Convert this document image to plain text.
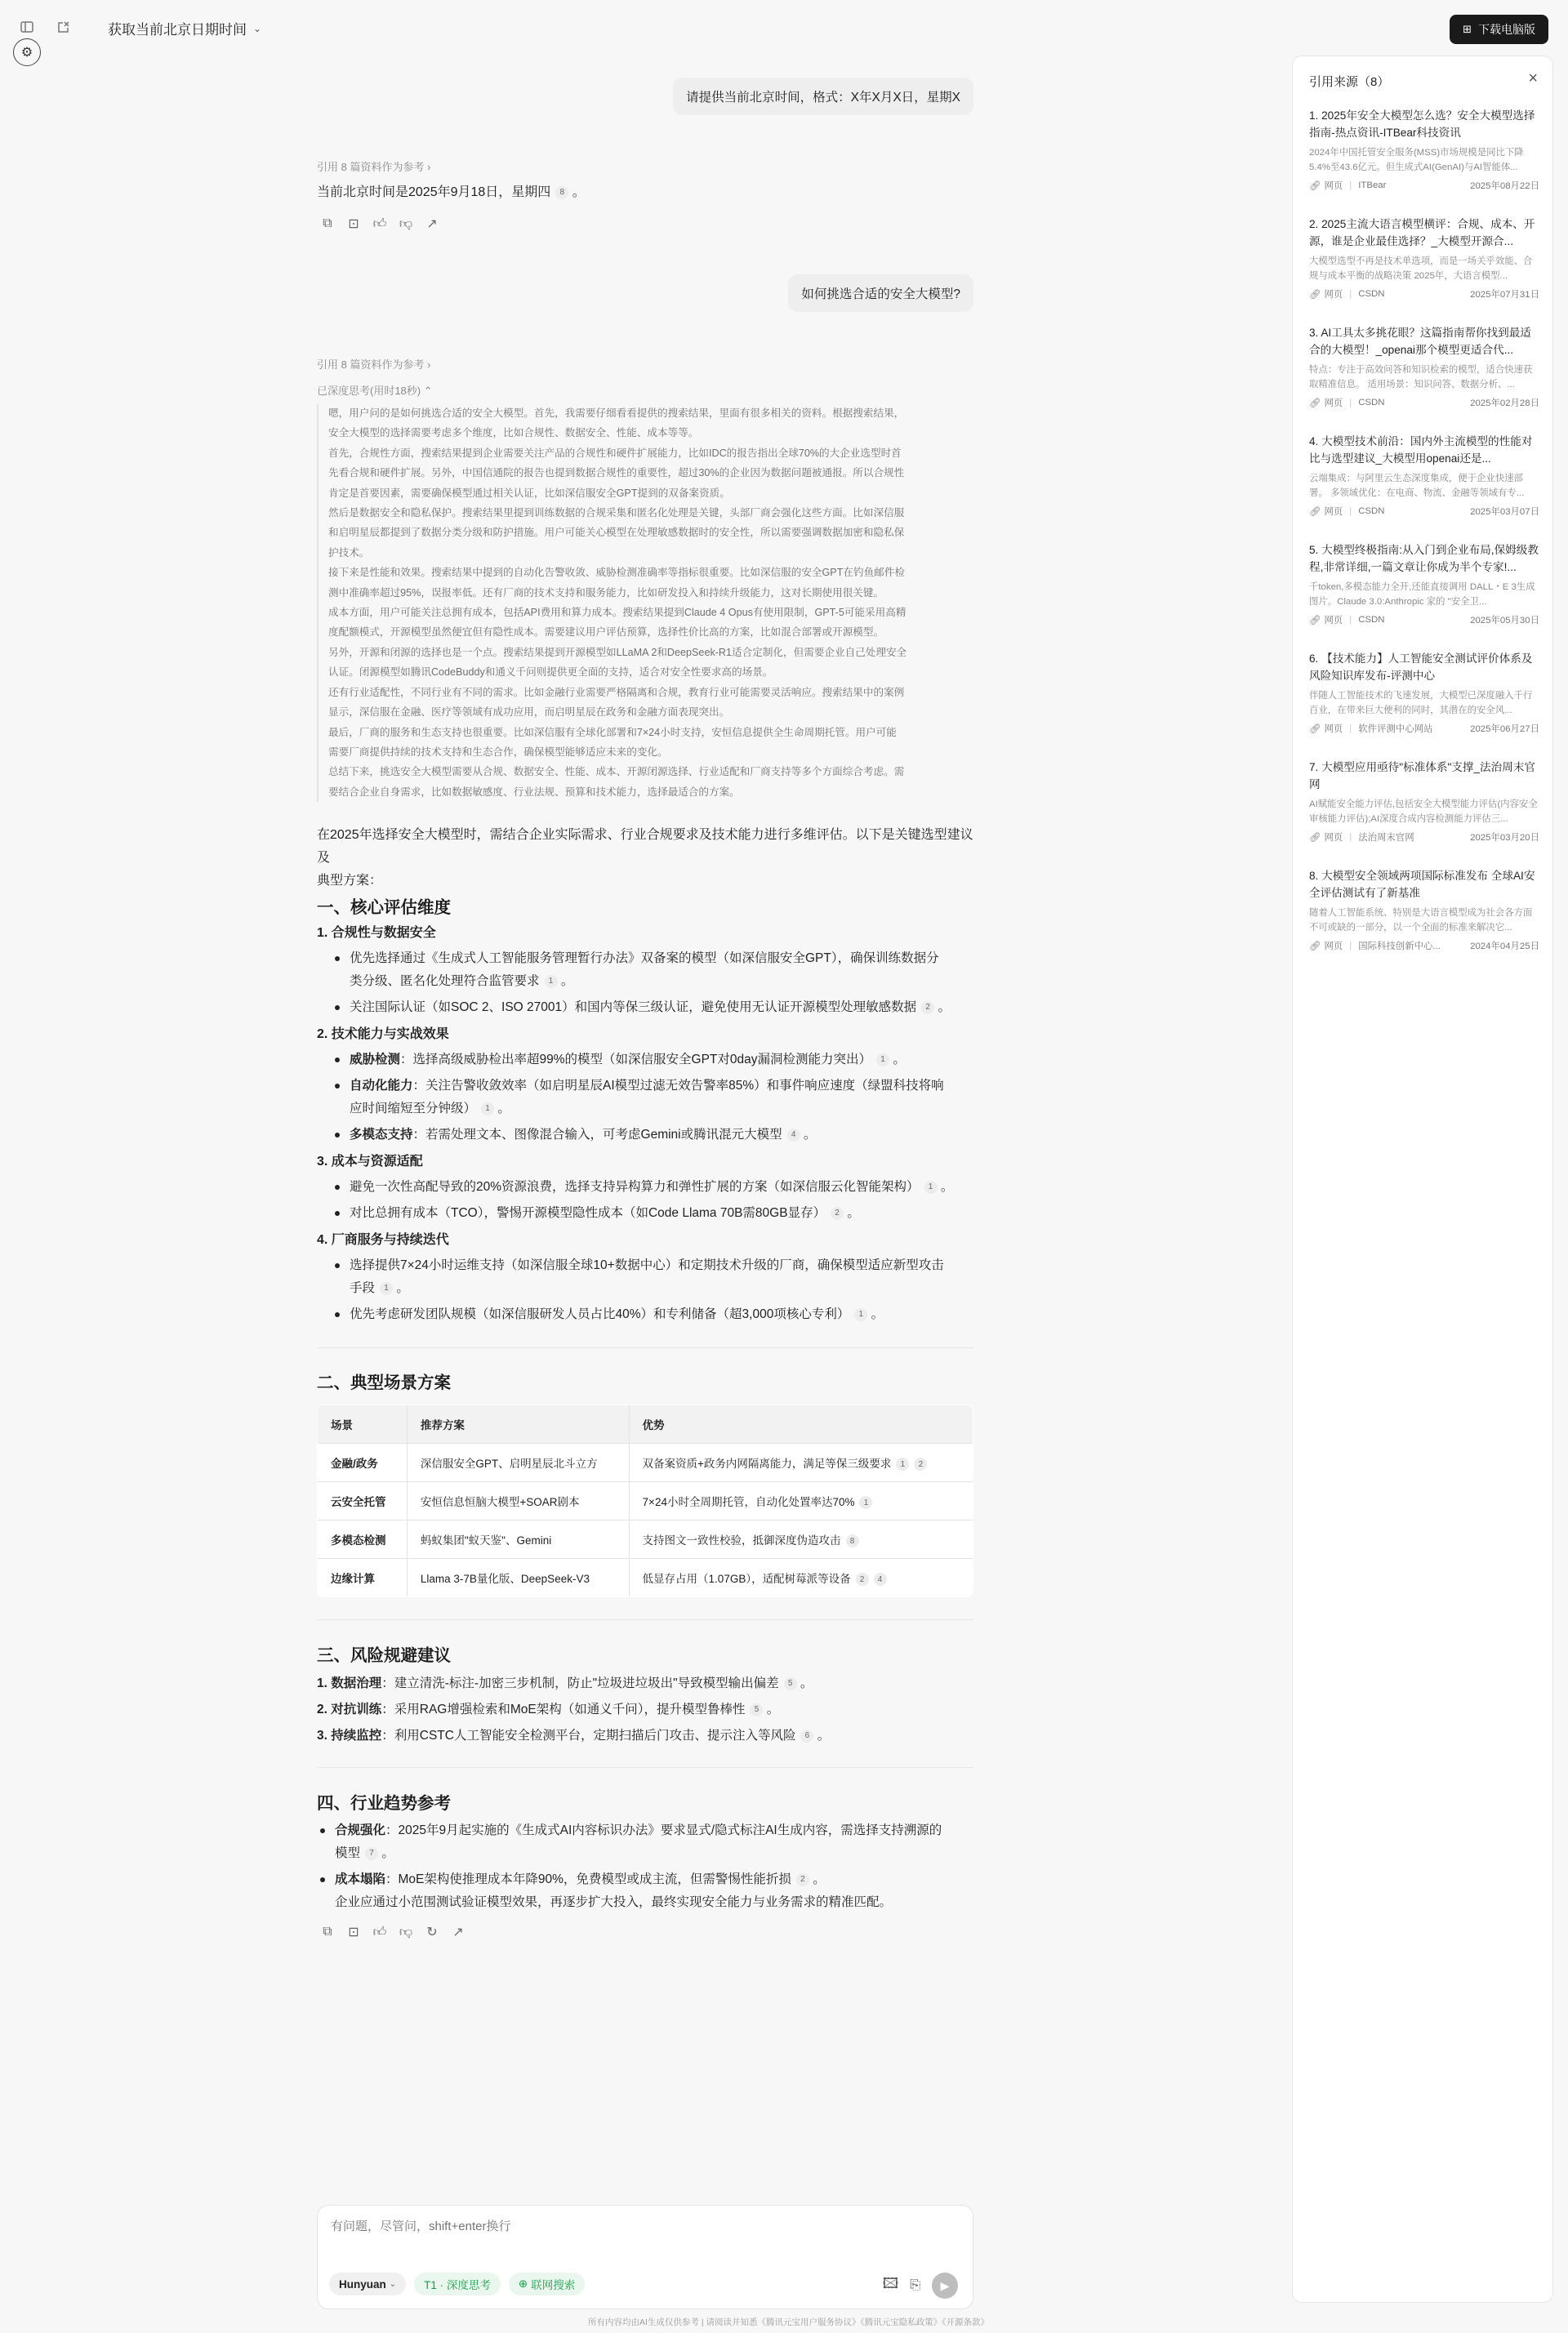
⚙
获取当前北京日期时间 ⌄	⊞ 下载电脑版
请提供当前北京时间，格式：X年X月X日，星期X
引用 8 篇资料作为参考 ›
当前北京时间是2025年9月18日，星期四 8 。
⧉ ⊡ 👍︎ 👎︎ ↗
如何挑选合适的安全大模型?
引用 8 篇资料作为参考 ›
已深度思考(用时18秒) ⌃
嗯，用户问的是如何挑选合适的安全大模型。首先，我需要仔细看看提供的搜索结果，里面有很多相关的资料。根据搜索结果，
安全大模型的选择需要考虑多个维度，比如合规性、数据安全、性能、成本等等。
首先，合规性方面，搜索结果提到企业需要关注产品的合规性和硬件扩展能力，比如IDC的报告指出全球70%的大企业选型时首
先看合规和硬件扩展。另外，中国信通院的报告也提到数据合规性的重要性，超过30%的企业因为数据问题被通报。所以合规性
肯定是首要因素，需要确保模型通过相关认证，比如深信服安全GPT提到的双备案资质。
然后是数据安全和隐私保护。搜索结果里提到训练数据的合规采集和匿名化处理是关键，头部厂商会强化这些方面。比如深信服
和启明星辰都提到了数据分类分级和防护措施。用户可能关心模型在处理敏感数据时的安全性，所以需要强调数据加密和隐私保
护技术。
接下来是性能和效果。搜索结果中提到的自动化告警收敛、威胁检测准确率等指标很重要。比如深信服的安全GPT在钓鱼邮件检
测中准确率超过95%，误报率低。还有厂商的技术支持和服务能力，比如研发投入和持续升级能力，这对长期使用很关键。
成本方面，用户可能关注总拥有成本，包括API费用和算力成本。搜索结果提到Claude 4 Opus有使用限制，GPT-5可能采用高精
度配额模式，开源模型虽然便宜但有隐性成本。需要建议用户评估预算，选择性价比高的方案，比如混合部署或开源模型。
另外，开源和闭源的选择也是一个点。搜索结果提到开源模型如LLaMA 2和DeepSeek-R1适合定制化，但需要企业自己处理安全
认证。闭源模型如腾讯CodeBuddy和通义千问则提供更全面的支持，适合对安全性要求高的场景。
还有行业适配性，不同行业有不同的需求。比如金融行业需要严格隔离和合规，教育行业可能需要灵活响应。搜索结果中的案例
显示，深信服在金融、医疗等领域有成功应用，而启明星辰在政务和金融方面表现突出。
最后，厂商的服务和生态支持也很重要。比如深信服有全球化部署和7×24小时支持，安恒信息提供全生命周期托管。用户可能
需要厂商提供持续的技术支持和生态合作，确保模型能够适应未来的变化。
总结下来，挑选安全大模型需要从合规、数据安全、性能、成本、开源闭源选择、行业适配和厂商支持等多个方面综合考虑。需
要结合企业自身需求，比如数据敏感度、行业法规、预算和技术能力，选择最适合的方案。
在2025年选择安全大模型时，需结合企业实际需求、行业合规要求及技术能力进行多维评估。以下是关键选型建议及
典型方案：
一、核心评估维度
1. 合规性与数据安全
优先选择通过《生成式人工智能服务管理暂行办法》双备案的模型（如深信服安全GPT），确保训练数据分
类分级、匿名化处理符合监管要求 1 。
关注国际认证（如SOC 2、ISO 27001）和国内等保三级认证，避免使用无认证开源模型处理敏感数据 2 。
2. 技术能力与实战效果
威胁检测：选择高级威胁检出率超99%的模型（如深信服安全GPT对0day漏洞检测能力突出） 1 。
自动化能力：关注告警收敛效率（如启明星辰AI模型过滤无效告警率85%）和事件响应速度（绿盟科技将响
应时间缩短至分钟级） 1 。
多模态支持：若需处理文本、图像混合输入，可考虑Gemini或腾讯混元大模型 4 。
3. 成本与资源适配
避免一次性高配导致的20%资源浪费，选择支持异构算力和弹性扩展的方案（如深信服云化智能架构） 1 。
对比总拥有成本（TCO），警惕开源模型隐性成本（如Code Llama 70B需80GB显存） 2 。
4. 厂商服务与持续迭代
选择提供7×24小时运维支持（如深信服全球10+数据中心）和定期技术升级的厂商，确保模型适应新型攻击
手段 1 。
优先考虑研发团队规模（如深信服研发人员占比40%）和专利储备（超3,000项核心专利） 1 。
二、典型场景方案
场景	推荐方案	优势
金融/政务	深信服安全GPT、启明星辰北斗立方	双备案资质+政务内网隔离能力，满足等保三级要求 1 2
云安全托管	安恒信息恒脑大模型+SOAR剧本	7×24小时全周期托管，自动化处置率达70% 1
多模态检测	蚂蚁集团"蚁天鉴"、Gemini	支持图文一致性校验，抵御深度伪造攻击 8
边缘计算	Llama 3-7B量化版、DeepSeek-V3	低显存占用（1.07GB），适配树莓派等设备 2 4
三、风险规避建议
1. 数据治理：建立清洗-标注-加密三步机制，防止"垃圾进垃圾出"导致模型输出偏差 5 。
2. 对抗训练：采用RAG增强检索和MoE架构（如通义千问），提升模型鲁棒性 5 。
3. 持续监控：利用CSTC人工智能安全检测平台，定期扫描后门攻击、提示注入等风险 6 。
四、行业趋势参考
合规强化：2025年9月起实施的《生成式AI内容标识办法》要求显式/隐式标注AI生成内容，需选择支持溯源的
模型 7 。
成本塌陷：MoE架构使推理成本年降90%，免费模型或成主流，但需警惕性能折损 2 。
企业应通过小范围测试验证模型效果，再逐步扩大投入，最终实现安全能力与业务需求的精准匹配。
⧉ ⊡ 👍︎ 👎︎ ↻ ↗
有问题，尽管问，shift+enter换行
Hunyuan ⌄	T1 · 深度思考	⊕ 联网搜索	🖾 ⎘	▶
所有内容均由AI生成仅供参考 | 请阅读并知悉《腾讯元宝用户服务协议》《腾讯元宝隐私政策》《开源条款》
引用来源（8）	×
1. 2025年安全大模型怎么选？安全大模型选择指南-热点资讯-ITBear科技资讯
2024年中国托管安全服务(MSS)市场规模是同比下降5.4%至43.6亿元。但生成式AI(GenAI)与AI智能体...
🔗︎ 网页 | ITBear	2025年08月22日
2. 2025主流大语言模型横评：合规、成本、开源，谁是企业最佳选择？_大模型开源合...
大模型选型不再是技术单选项，而是一场关乎效能、合规与成本平衡的战略决策 2025年，大语言模型...
🔗︎ 网页 | CSDN	2025年07月31日
3. AI工具太多挑花眼？这篇指南帮你找到最适合的大模型！_openai那个模型更适合代...
特点：专注于高效问答和知识检索的模型，适合快速获取精准信息。 适用场景：知识问答、数据分析、...
🔗︎ 网页 | CSDN	2025年02月28日
4. 大模型技术前沿：国内外主流模型的性能对比与选型建议_大模型用openai还是...
云端集成：与阿里云生态深度集成，便于企业快速部署。 多领域优化：在电商、物流、金融等领域有专...
🔗︎ 网页 | CSDN	2025年03月07日
5. 大模型终极指南:从入门到企业布局,保姆级教程,非常详细,一篇文章让你成为半个专家!...
千token,多模态能力全开,还能直接调用 DALL・E 3生成图片。Claude 3.0:Anthropic 家的 "安全卫...
🔗︎ 网页 | CSDN	2025年05月30日
6. 【技术能力】人工智能安全测试评价体系及风险知识库发布-评测中心
伴随人工智能技术的飞速发展，大模型已深度融入千行百业，在带来巨大便利的同时，其潜在的安全风...
🔗︎ 网页 | 软件评测中心网站	2025年06月27日
7. 大模型应用亟待"标准体系"支撑_法治周末官网
AI赋能安全能力评估,包括安全大模型能力评估(内容安全审核能力评估);AI深度合成内容检测能力评估三...
🔗︎ 网页 | 法治周末官网	2025年03月20日
8. 大模型安全领域两项国际标准发布 全球AI安全评估测试有了新基准
随着人工智能系统、特别是大语言模型成为社会各方面不可或缺的一部分，以一个全面的标准来解决它...
🔗︎ 网页 | 国际科技创新中心...	2024年04月25日
